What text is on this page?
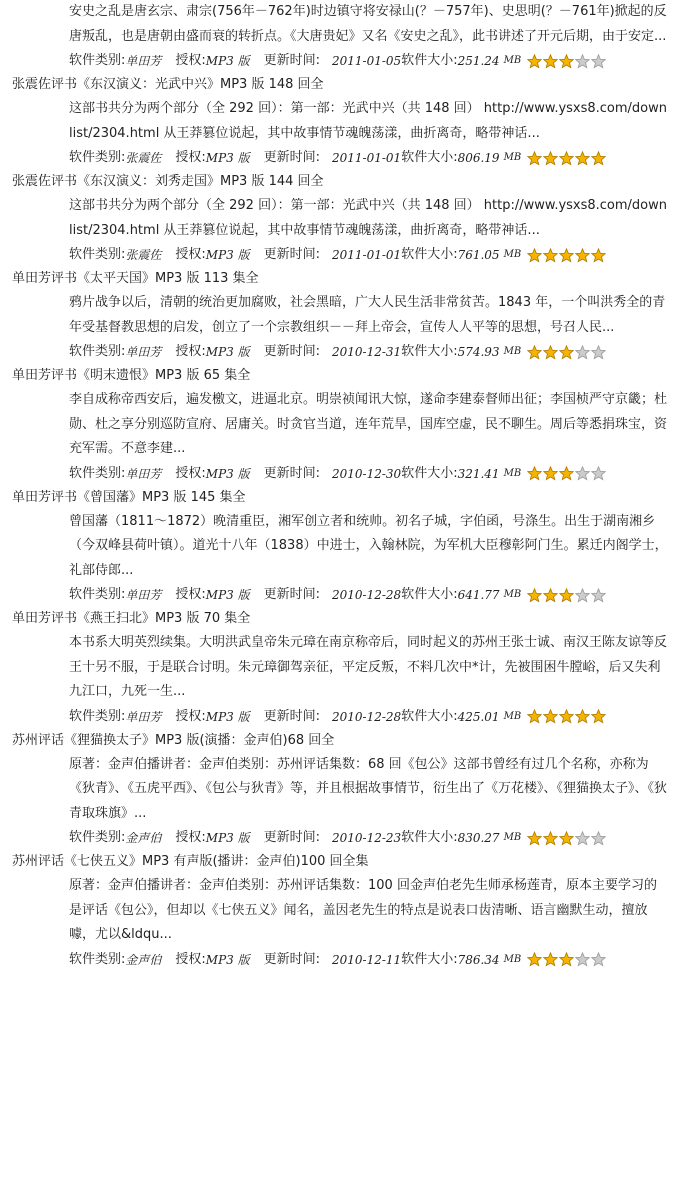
安史之乱是唐玄宗、肃宗(756年－762年)时边镇守将安禄山(？－757年)、史思明(？－761年)掀起的反唐叛乱，也是唐朝由盛而衰的转折点。《大唐贵妃》又名《安史之乱》，此书讲述了开元后期，由于安定...
软件类别: 单田芳 授权: MP3 版 更新时间: 2011-01-05 软件大小: 251.24 MB
张震佐评书《东汉演义：光武中兴》MP3 版 148 回全
这部书共分为两个部分（全 292 回）：第一部：光武中兴（共 148 回） http://www.ysxs8.com/downlist/2304.html 从王莽篡位说起，其中故事情节魂魄荡漾，曲折离奇，略带神话...
软件类别: 张震佐 授权: MP3 版 更新时间: 2011-01-01 软件大小: 806.19 MB
张震佐评书《东汉演义：刘秀走国》MP3 版 144 回全
这部书共分为两个部分（全 292 回）：第一部：光武中兴（共 148 回） http://www.ysxs8.com/downlist/2304.html 从王莽篡位说起，其中故事情节魂魄荡漾，曲折离奇，略带神话...
软件类别: 张震佐 授权: MP3 版 更新时间: 2011-01-01 软件大小: 761.05 MB
单田芳评书《太平天国》MP3 版 113 集全
鸦片战争以后，清朝的统治更加腐败，社会黑暗，广大人民生活非常贫苦。1843 年，一个叫洪秀全的青年受基督教思想的启发，创立了一个宗教组织－－拜上帝会，宣传人人平等的思想，号召人民...
软件类别: 单田芳 授权: MP3 版 更新时间: 2010-12-31 软件大小: 574.93 MB
单田芳评书《明末遗恨》MP3 版 65 集全
李自成称帝西安后，遍发檄文，进逼北京。明崇祯闻讯大惊，遂命李建泰督师出征；李国桢严守京畿；杜勋、杜之享分别巡防宣府、居庸关。时贪官当道，连年荒旱，国库空虚，民不聊生。周后等悉捐珠宝，资充军需。不意李建...
软件类别: 单田芳 授权: MP3 版 更新时间: 2010-12-30 软件大小: 321.41 MB
单田芳评书《曾国藩》MP3 版 145 集全
曾国藩（1811～1872）晚清重臣，湘军创立者和统帅。初名子城，字伯函，号涤生。出生于湖南湘乡（今双峰县荷叶镇）。道光十八年（1838）中进士，入翰林院，为军机大臣穆彰阿门生。累迁内阁学士，礼部侍郎...
软件类别: 单田芳 授权: MP3 版 更新时间: 2010-12-28 软件大小: 641.77 MB
单田芳评书《燕王扫北》MP3 版 70 集全
本书系大明英烈续集。大明洪武皇帝朱元璋在南京称帝后，同时起义的苏州王张士诚、南汉王陈友谅等反王十另不服，于是联合讨明。朱元璋御驾亲征，平定反叛，不料几次中*计，先被围困牛膛峪，后又失利九江口，九死一生...
软件类别: 单田芳 授权: MP3 版 更新时间: 2010-12-28 软件大小: 425.01 MB
苏州评话《狸猫换太子》MP3 版(演播：金声伯)68 回全
原著：金声伯播讲者：金声伯类别：苏州评话集数：68 回《包公》这部书曾经有过几个名称，亦称为《狄青》、《五虎平西》、《包公与狄青》等，并且根据故事情节，衍生出了《万花楼》、《狸猫换太子》、《狄青取珠旗》...
软件类别: 金声伯 授权: MP3 版 更新时间: 2010-12-23 软件大小: 830.27 MB
苏州评话《七侠五义》MP3 有声版(播讲：金声伯)100 回全集
原著：金声伯播讲者：金声伯类别：苏州评话集数：100 回金声伯老先生师承杨莲青，原本主要学习的是评话《包公》，但却以《七侠五义》闻名，盖因老先生的特点是说表口齿清晰、语言幽默生动，擅放噱，尤以&ldqu...
软件类别: 金声伯 授权: MP3 版 更新时间: 2010-12-11 软件大小: 786.34 MB
